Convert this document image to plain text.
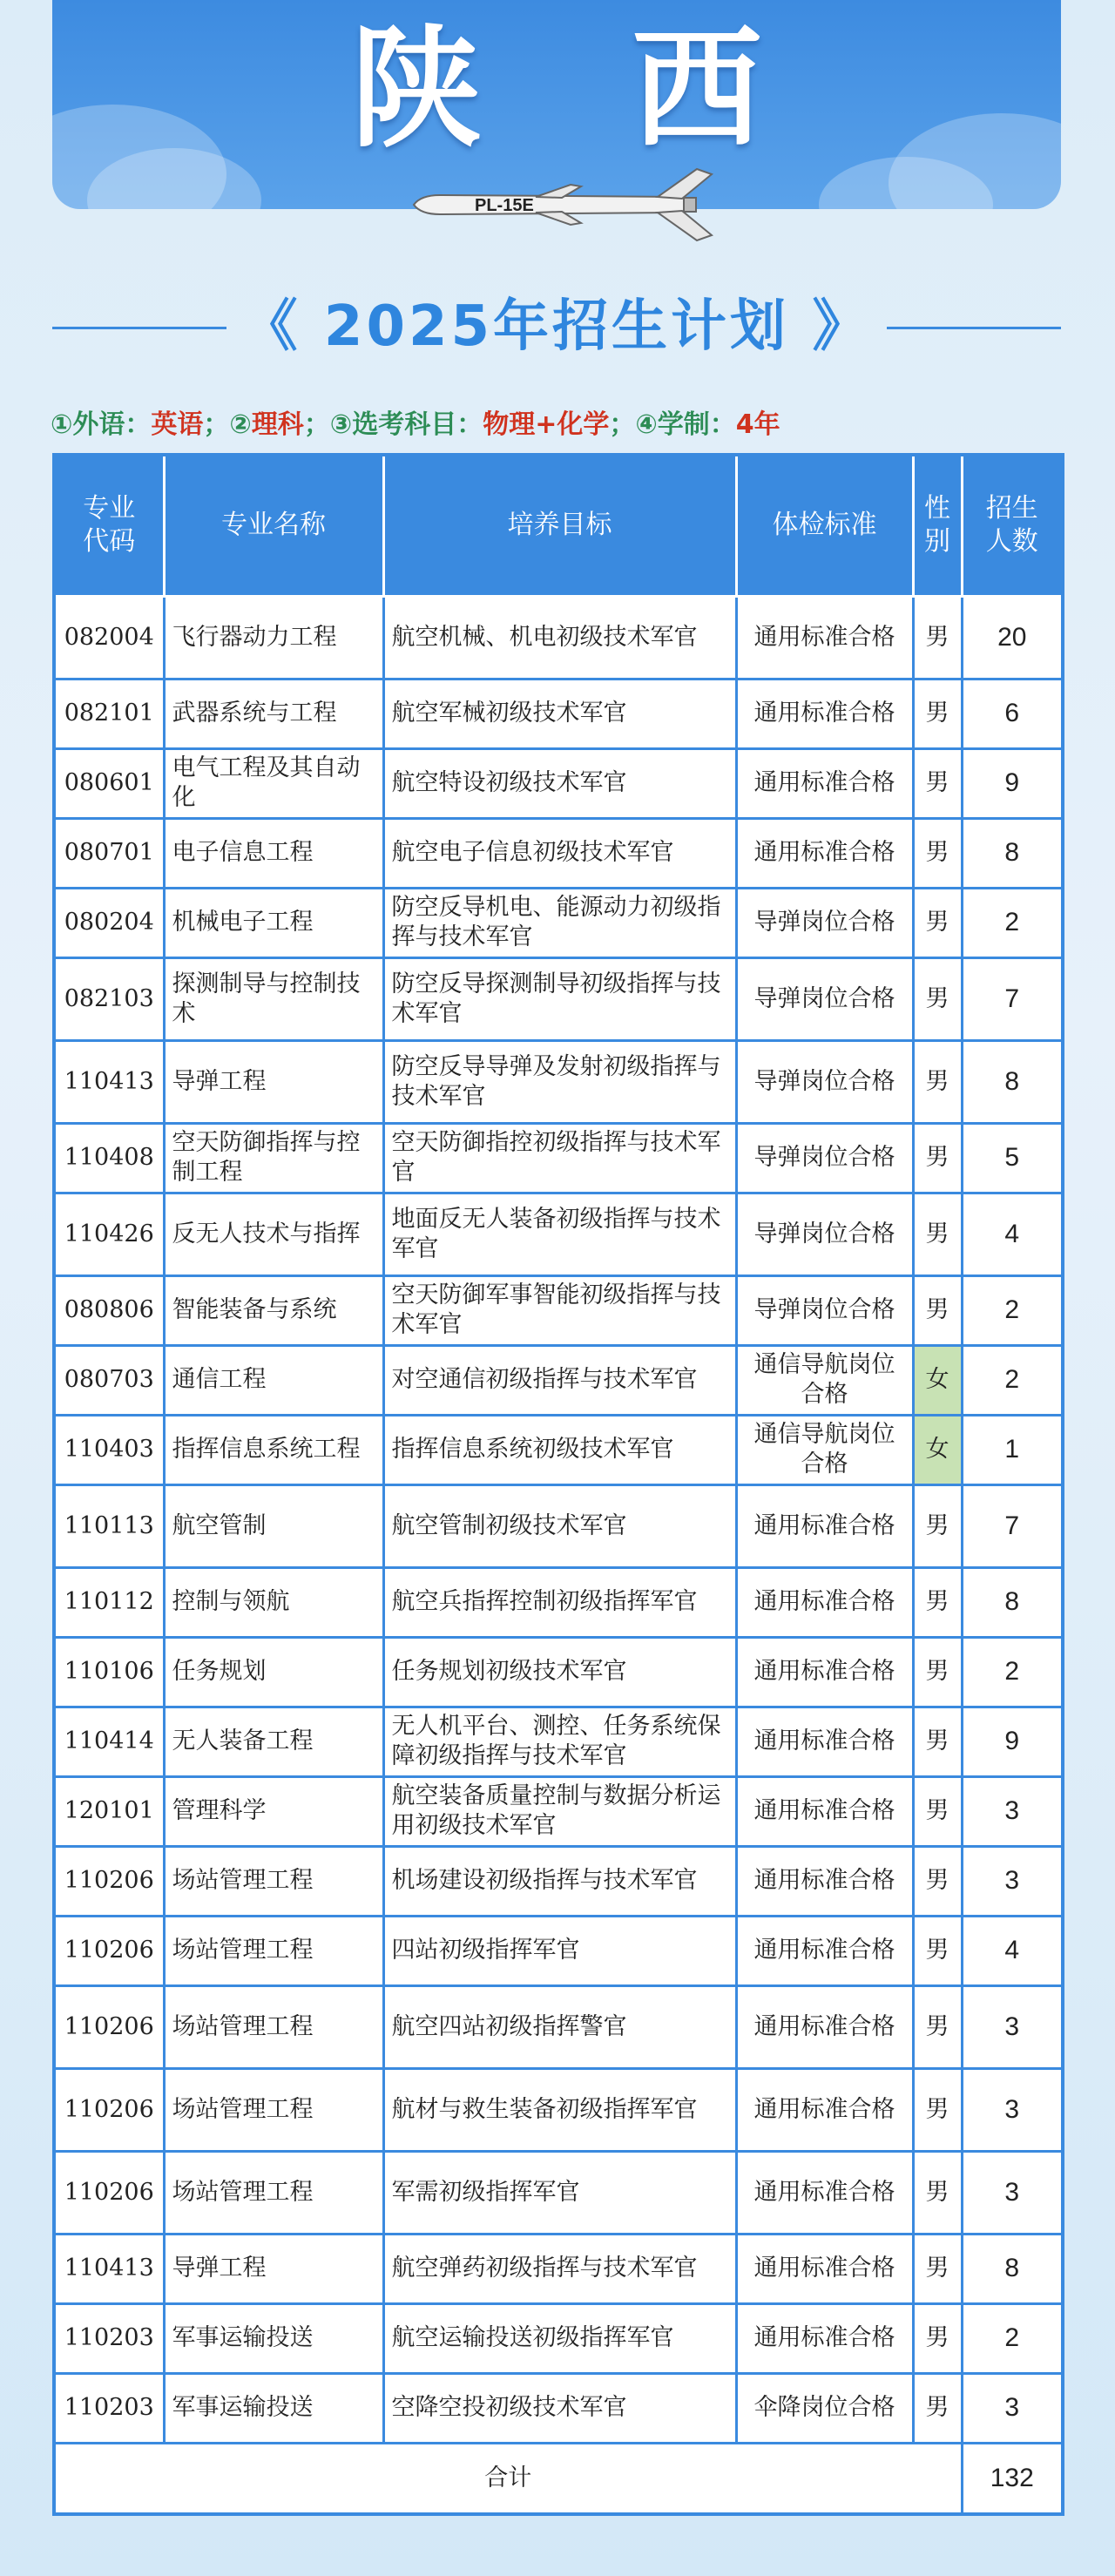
陕 西
PL-15E
《 2025年招生计划 》
①外语：英语；②理科；③选考科目：物理+化学；④学制：4年
专业代码	专业名称	培养目标	体检标准	性别	招生人数

082004	飞行器动力工程	航空机械、机电初级技术军官	通用标准合格	男	20
082101	武器系统与工程	航空军械初级技术军官	通用标准合格	男	6
080601	电气工程及其自动化	航空特设初级技术军官	通用标准合格	男	9
080701	电子信息工程	航空电子信息初级技术军官	通用标准合格	男	8
080204	机械电子工程	防空反导机电、能源动力初级指挥与技术军官	导弹岗位合格	男	2
082103	探测制导与控制技术	防空反导探测制导初级指挥与技术军官	导弹岗位合格	男	7
110413	导弹工程	防空反导导弹及发射初级指挥与技术军官	导弹岗位合格	男	8
110408	空天防御指挥与控制工程	空天防御指控初级指挥与技术军官	导弹岗位合格	男	5
110426	反无人技术与指挥	地面反无人装备初级指挥与技术军官	导弹岗位合格	男	4
080806	智能装备与系统	空天防御军事智能初级指挥与技术军官	导弹岗位合格	男	2
080703	通信工程	对空通信初级指挥与技术军官	通信导航岗位合格	女	2
110403	指挥信息系统工程	指挥信息系统初级技术军官	通信导航岗位合格	女	1
110113	航空管制	航空管制初级技术军官	通用标准合格	男	7
110112	控制与领航	航空兵指挥控制初级指挥军官	通用标准合格	男	8
110106	任务规划	任务规划初级技术军官	通用标准合格	男	2
110414	无人装备工程	无人机平台、测控、任务系统保障初级指挥与技术军官	通用标准合格	男	9
120101	管理科学	航空装备质量控制与数据分析运用初级技术军官	通用标准合格	男	3
110206	场站管理工程	机场建设初级指挥与技术军官	通用标准合格	男	3
110206	场站管理工程	四站初级指挥军官	通用标准合格	男	4
110206	场站管理工程	航空四站初级指挥警官	通用标准合格	男	3
110206	场站管理工程	航材与救生装备初级指挥军官	通用标准合格	男	3
110206	场站管理工程	军需初级指挥军官	通用标准合格	男	3
110413	导弹工程	航空弹药初级指挥与技术军官	通用标准合格	男	8
110203	军事运输投送	航空运输投送初级指挥军官	通用标准合格	男	2
110203	军事运输投送	空降空投初级技术军官	伞降岗位合格	男	3
合计					132
